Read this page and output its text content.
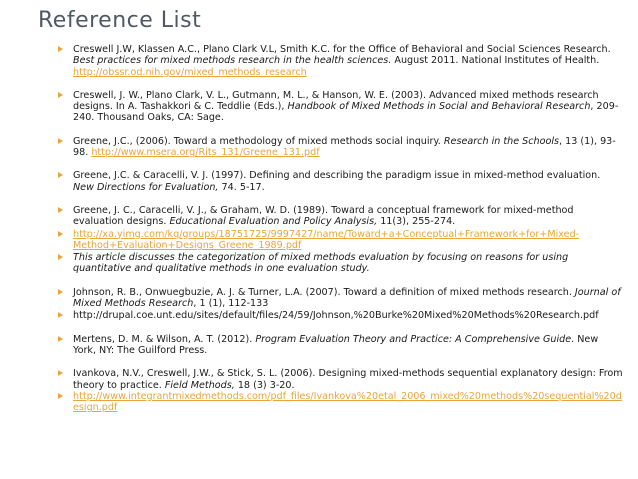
Reference List
Creswell J.W, Klassen A.C., Plano Clark V.L, Smith K.C. for the Office of Behavioral and Social Sciences Research. Best practices for mixed methods research in the health sciences. August 2011. National Institutes of Health. http://obssr.od.nih.gov/mixed_methods_research
Creswell, J. W., Plano Clark, V. L., Gutmann, M. L., & Hanson, W. E. (2003). Advanced mixed methods research designs. In A. Tashakkori & C. Teddlie (Eds.), Handbook of Mixed Methods in Social and Behavioral Research, 209-240. Thousand Oaks, CA: Sage.
Greene, J.C., (2006). Toward a methodology of mixed methods social inquiry. Research in the Schools, 13 (1), 93-98. http://www.msera.org/Rits_131/Greene_131.pdf
Greene, J.C. & Caracelli, V. J. (1997). Defining and describing the paradigm issue in mixed-method evaluation. New Directions for Evaluation, 74. 5-17.
Greene, J. C., Caracelli, V. J., & Graham, W. D. (1989). Toward a conceptual framework for mixed-method evaluation designs. Educational Evaluation and Policy Analysis, 11(3), 255-274.
http://xa.yimg.com/kq/groups/18751725/9997427/name/Toward+a+Conceptual+Framework+for+Mixed-Method+Evaluation+Designs_Greene_1989.pdf
This article discusses the categorization of mixed methods evaluation by focusing on reasons for using quantitative and qualitative methods in one evaluation study.
Johnson, R. B., Onwuegbuzie, A. J. & Turner, L.A. (2007). Toward a definition of mixed methods research. Journal of Mixed Methods Research, 1 (1), 112-133
http://drupal.coe.unt.edu/sites/default/files/24/59/Johnson,%20Burke%20Mixed%20Methods%20Research.pdf
Mertens, D. M. & Wilson, A. T. (2012). Program Evaluation Theory and Practice: A Comprehensive Guide. New York, NY: The Guilford Press.
Ivankova, N.V., Creswell, J.W., & Stick, S. L. (2006). Designing mixed-methods sequential explanatory design: From theory to practice. Field Methods, 18 (3) 3-20.
http://www.integrantmixedmethods.com/pdf_files/Ivankova%20etal_2006_mixed%20methods%20sequential%20design.pdf
